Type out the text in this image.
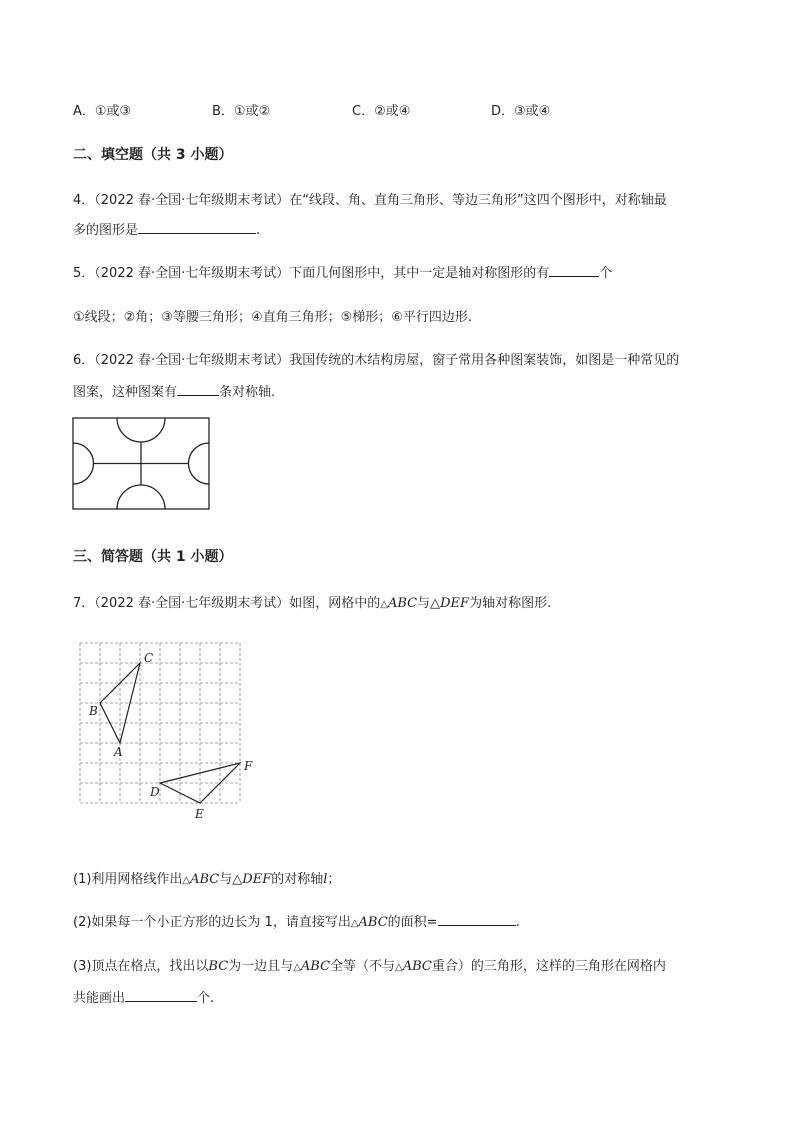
A．①或③	B．①或②	C．②或④	D．③或④
二、填空题（共 3 小题）
4．（2022 春·全国·七年级期末考试）在“线段、角、直角三角形、等边三角形”这四个图形中，对称轴最
多的图形是	.
5．（2022 春·全国·七年级期末考试）下面几何图形中，其中一定是轴对称图形的有	个
①线段；②角；③等腰三角形；④直角三角形；⑤梯形；⑥平行四边形.
6．（2022 春·全国·七年级期末考试）我国传统的木结构房屋，窗子常用各种图案装饰，如图是一种常见的
图案，这种图案有	条对称轴.
三、简答题（共 1 小题）
7．（2022 春·全国·七年级期末考试）如图，网格中的△ABC与△DEF为轴对称图形.
C
B
A
F
D
E
(1)利用网格线作出△ABC与△DEF的对称轴l；
(2)如果每一个小正方形的边长为 1，请直接写出△ABC的面积=	.
(3)顶点在格点，找出以BC为一边且与△ABC全等（不与△ABC重合）的三角形，这样的三角形在网格内
共能画出	个.
